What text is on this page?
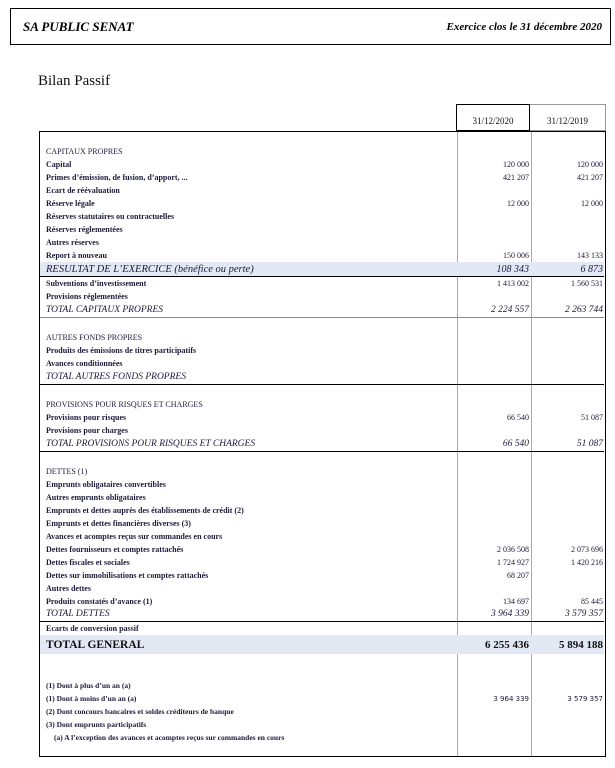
SA PUBLIC SENAT	Exercice clos le 31 décembre 2020
Bilan Passif
31/12/2020	31/12/2019
CAPITAUX PROPRES
Capital	120 000	120 000
Primes d’émission, de fusion, d’apport, ...	421 207	421 207
Ecart de réévaluation
Réserve légale	12 000	12 000
Réserves statutaires ou contractuelles
Réserves réglementées
Autres réserves
Report à nouveau	150 006	143 133
RESULTAT DE L’EXERCICE (bénéfice ou perte)	108 343	6 873
Subventions d’investissement	1 413 002	1 560 531
Provisions réglementées
TOTAL CAPITAUX PROPRES	2 224 557	2 263 744
AUTRES FONDS PROPRES
Produits des émissions de titres participatifs
Avances conditionnées
TOTAL AUTRES FONDS PROPRES
PROVISIONS POUR RISQUES ET CHARGES
Provisions pour risques	66 540	51 087
Provisions pour charges
TOTAL PROVISIONS POUR RISQUES ET CHARGES	66 540	51 087
DETTES (1)
Emprunts obligataires convertibles
Autres emprunts obligataires
Emprunts et dettes auprès des établissements de crédit (2)
Emprunts et dettes financières diverses (3)
Avances et acomptes reçus sur commandes en cours
Dettes fournisseurs et comptes rattachés	2 036 508	2 073 696
Dettes fiscales et sociales	1 724 927	1 420 216
Dettes sur immobilisations et comptes rattachés	68 207
Autres dettes
Produits constatés d’avance (1)	134 697	85 445
TOTAL DETTES	3 964 339	3 579 357
Ecarts de conversion passif
TOTAL GENERAL	6 255 436	5 894 188
(1) Dont à plus d’un an (a)
(1) Dont à moins d’un an (a)	3 964 339	3 579 357
(2) Dont concours bancaires et soldes créditeurs de banque
(3) Dont emprunts participatifs
(a) A l’exception des avances et acomptes reçus sur commandes en cours
